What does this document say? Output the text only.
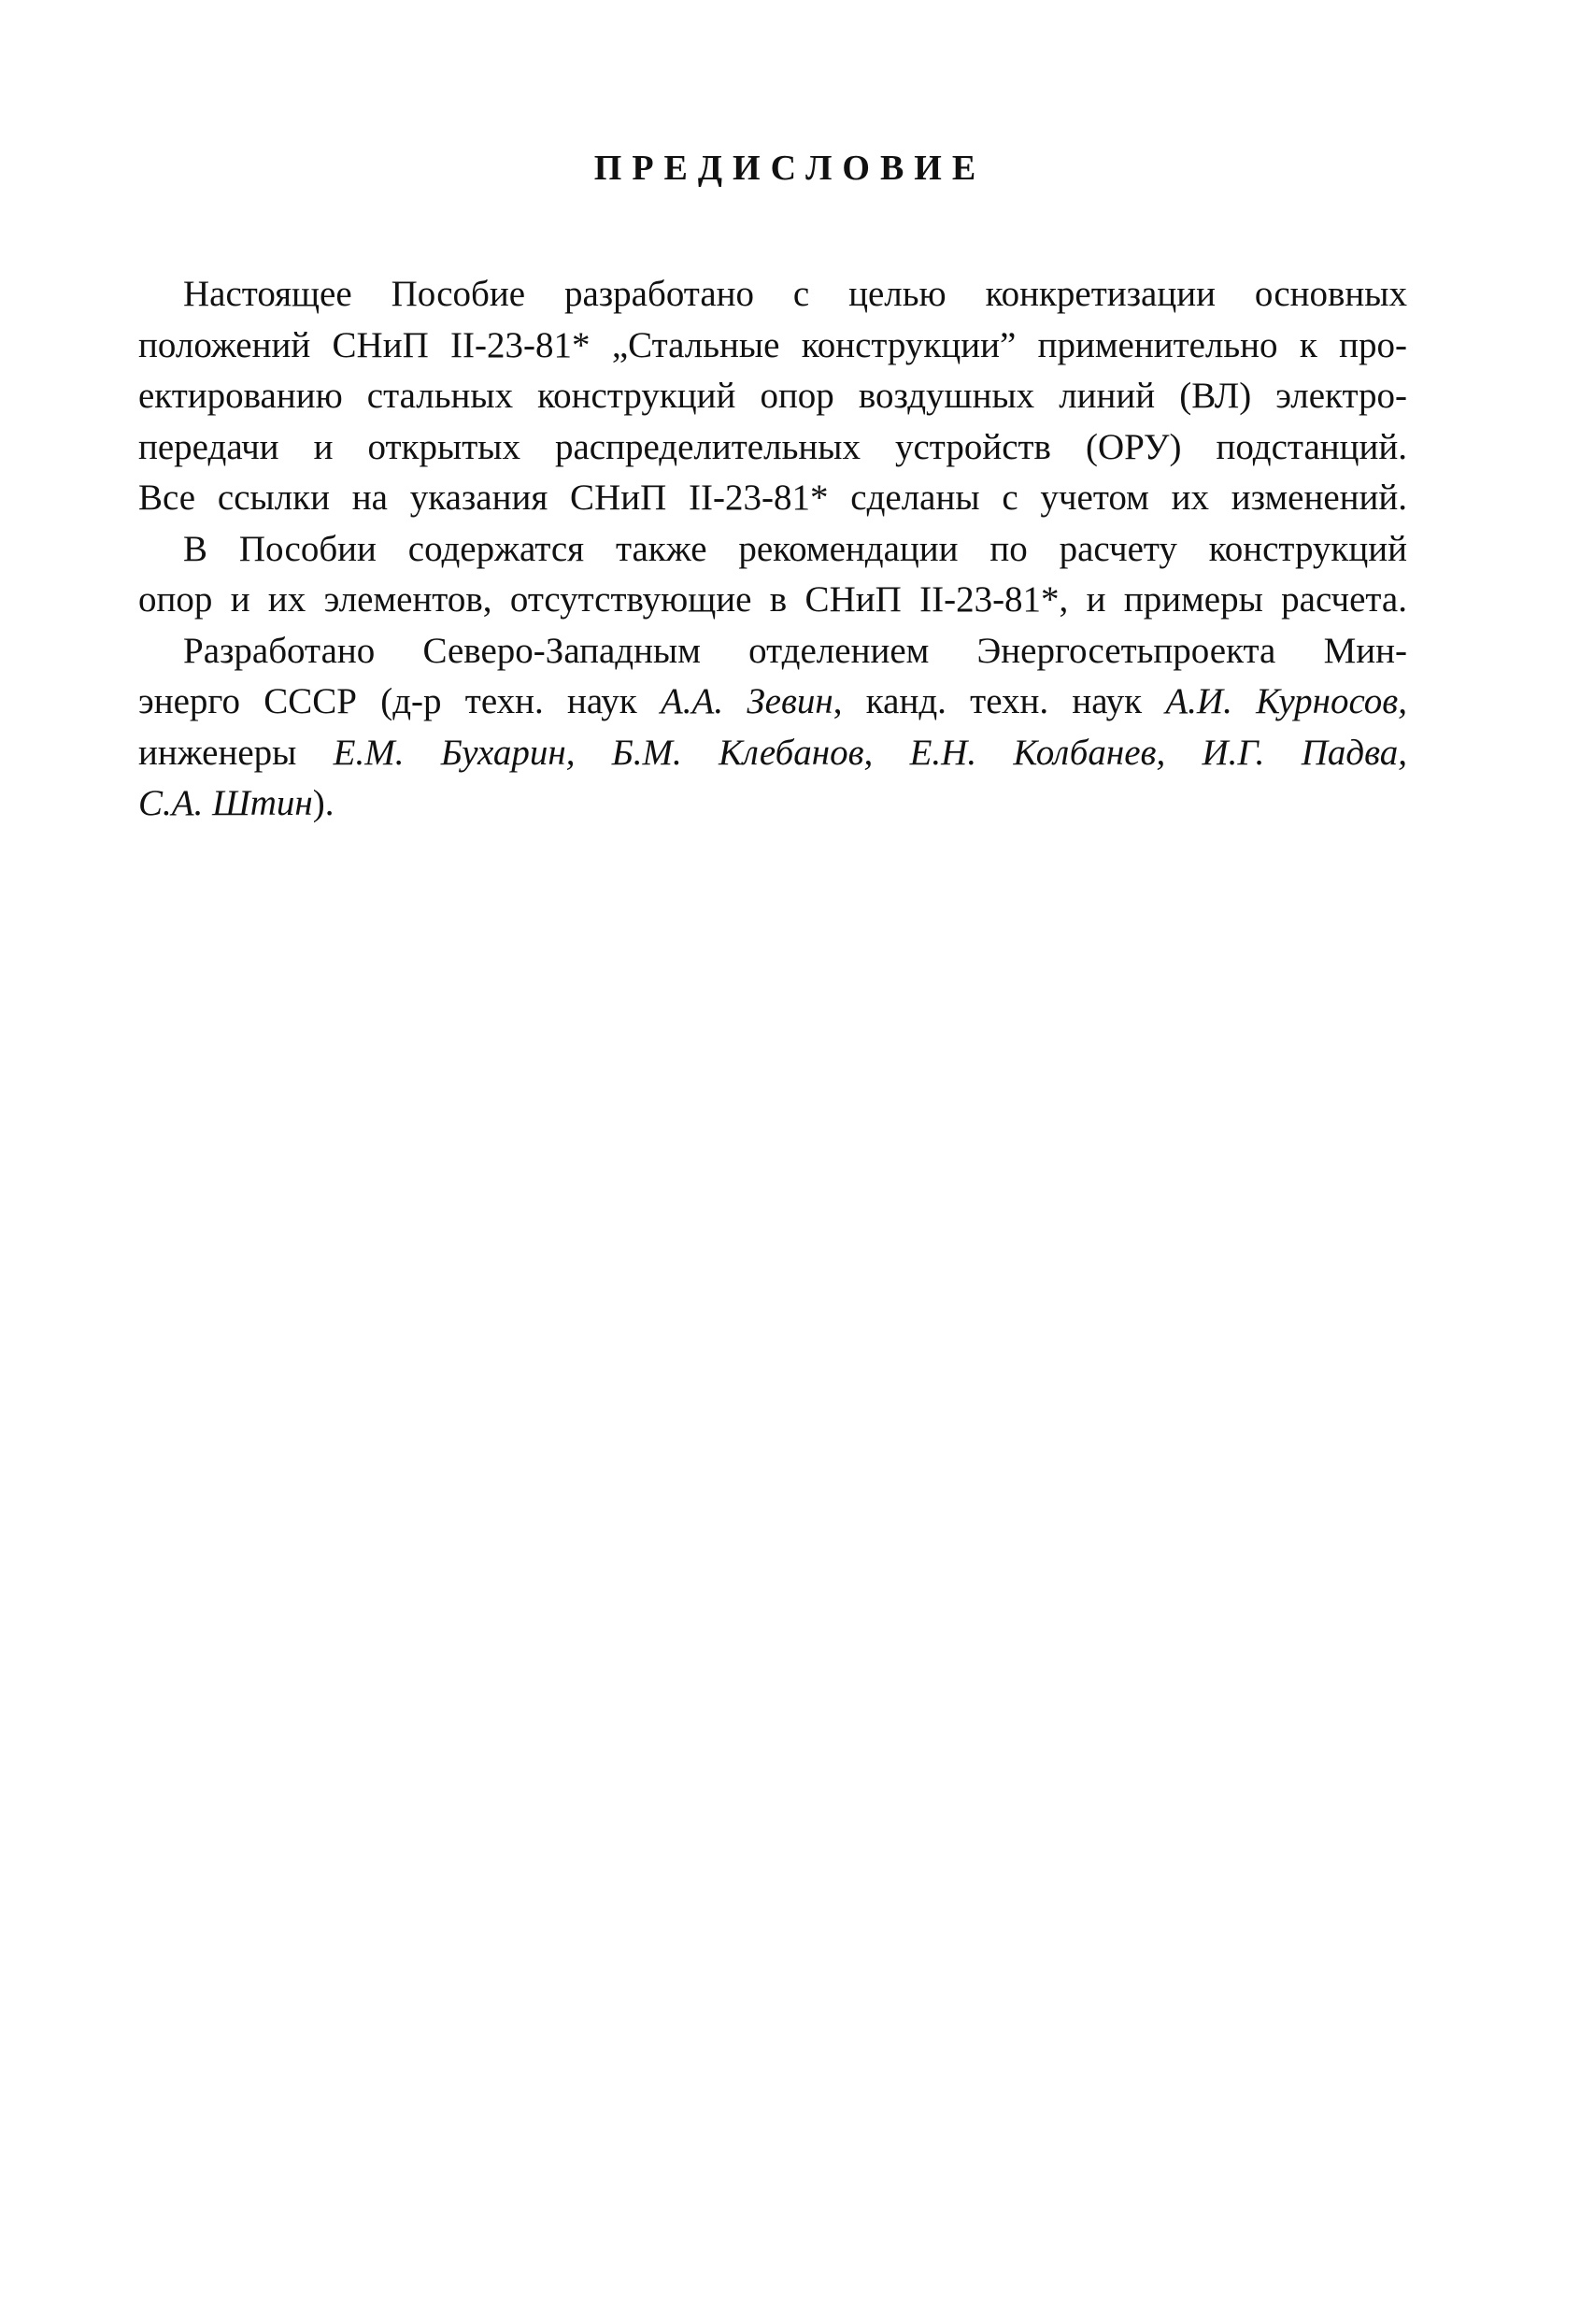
ПРЕДИСЛОВИЕ
Настоящее Пособие разработано с целью конкретизации основных
положений СНиП II-23-81* „Стальные конструкции” применительно к про-
ектированию стальных конструкций опор воздушных линий (ВЛ) электро-
передачи и открытых распределительных устройств (ОРУ) подстанций.
Все ссылки на указания СНиП II-23-81* сделаны с учетом их изменений.
В Пособии содержатся также рекомендации по расчету конструкций
опор и их элементов, отсутствующие в СНиП II-23-81*, и примеры расчета.
Разработано Северо-Западным отделением Энергосетьпроекта Мин-
энерго СССР (д-р техн. наук А.А. Зевин, канд. техн. наук А.И. Курносов,
инженеры Е.М. Бухарин, Б.М. Клебанов, Е.Н. Колбанев, И.Г. Падва,
С.А. Штин).
